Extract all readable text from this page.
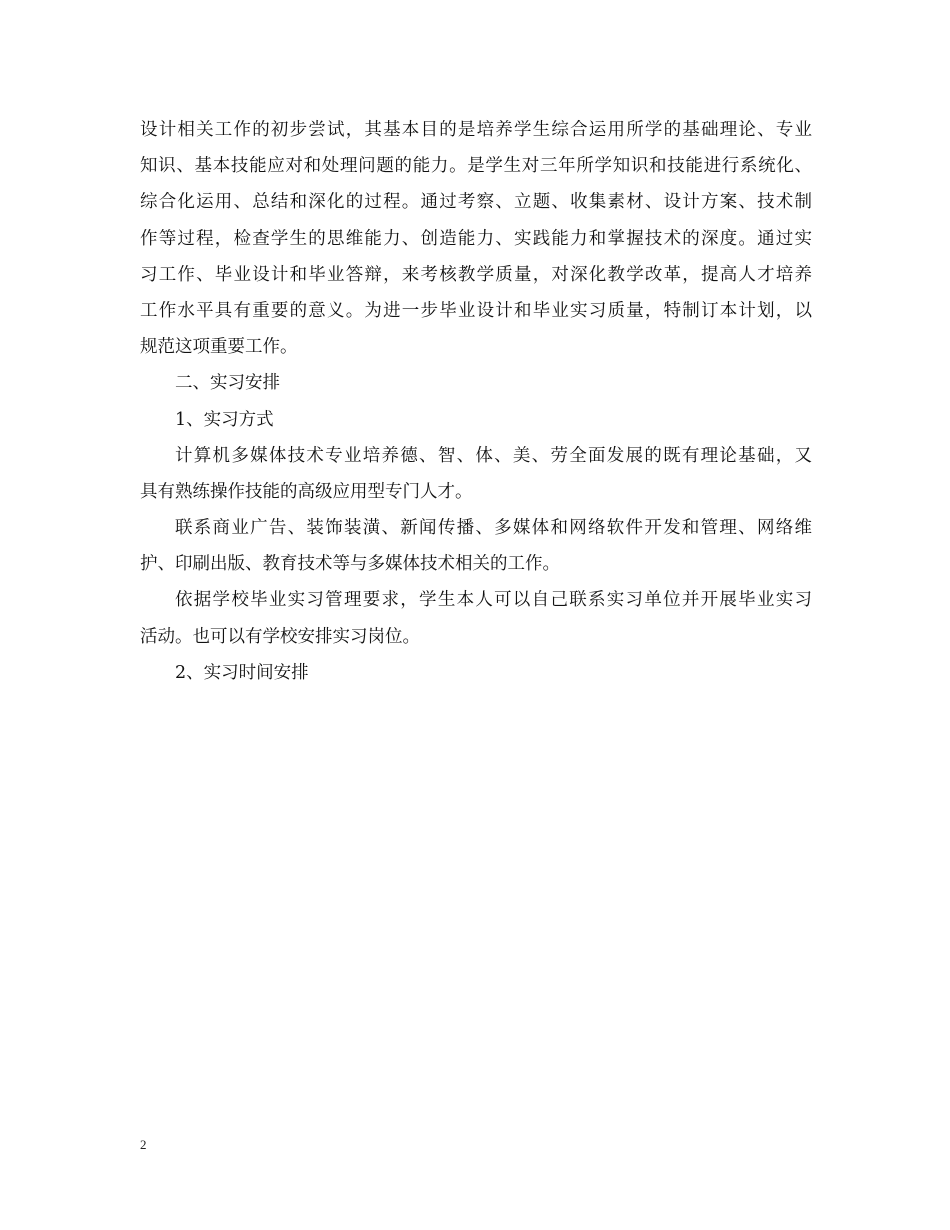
设计相关工作的初步尝试，其基本目的是培养学生综合运用所学的基础理论、专业
知识、基本技能应对和处理问题的能力。是学生对三年所学知识和技能进行系统化、
综合化运用、总结和深化的过程。通过考察、立题、收集素材、设计方案、技术制
作等过程，检查学生的思维能力、创造能力、实践能力和掌握技术的深度。通过实
习工作、毕业设计和毕业答辩，来考核教学质量，对深化教学改革，提高人才培养
工作水平具有重要的意义。为进一步毕业设计和毕业实习质量，特制订本计划，以
规范这项重要工作。

二、实习安排

1、实习方式

计算机多媒体技术专业培养德、智、体、美、劳全面发展的既有理论基础，又
具有熟练操作技能的高级应用型专门人才。

联系商业广告、装饰装潢、新闻传播、多媒体和网络软件开发和管理、网络维
护、印刷出版、教育技术等与多媒体技术相关的工作。

依据学校毕业实习管理要求，学生本人可以自己联系实习单位并开展毕业实习
活动。也可以有学校安排实习岗位。

2、实习时间安排

2
